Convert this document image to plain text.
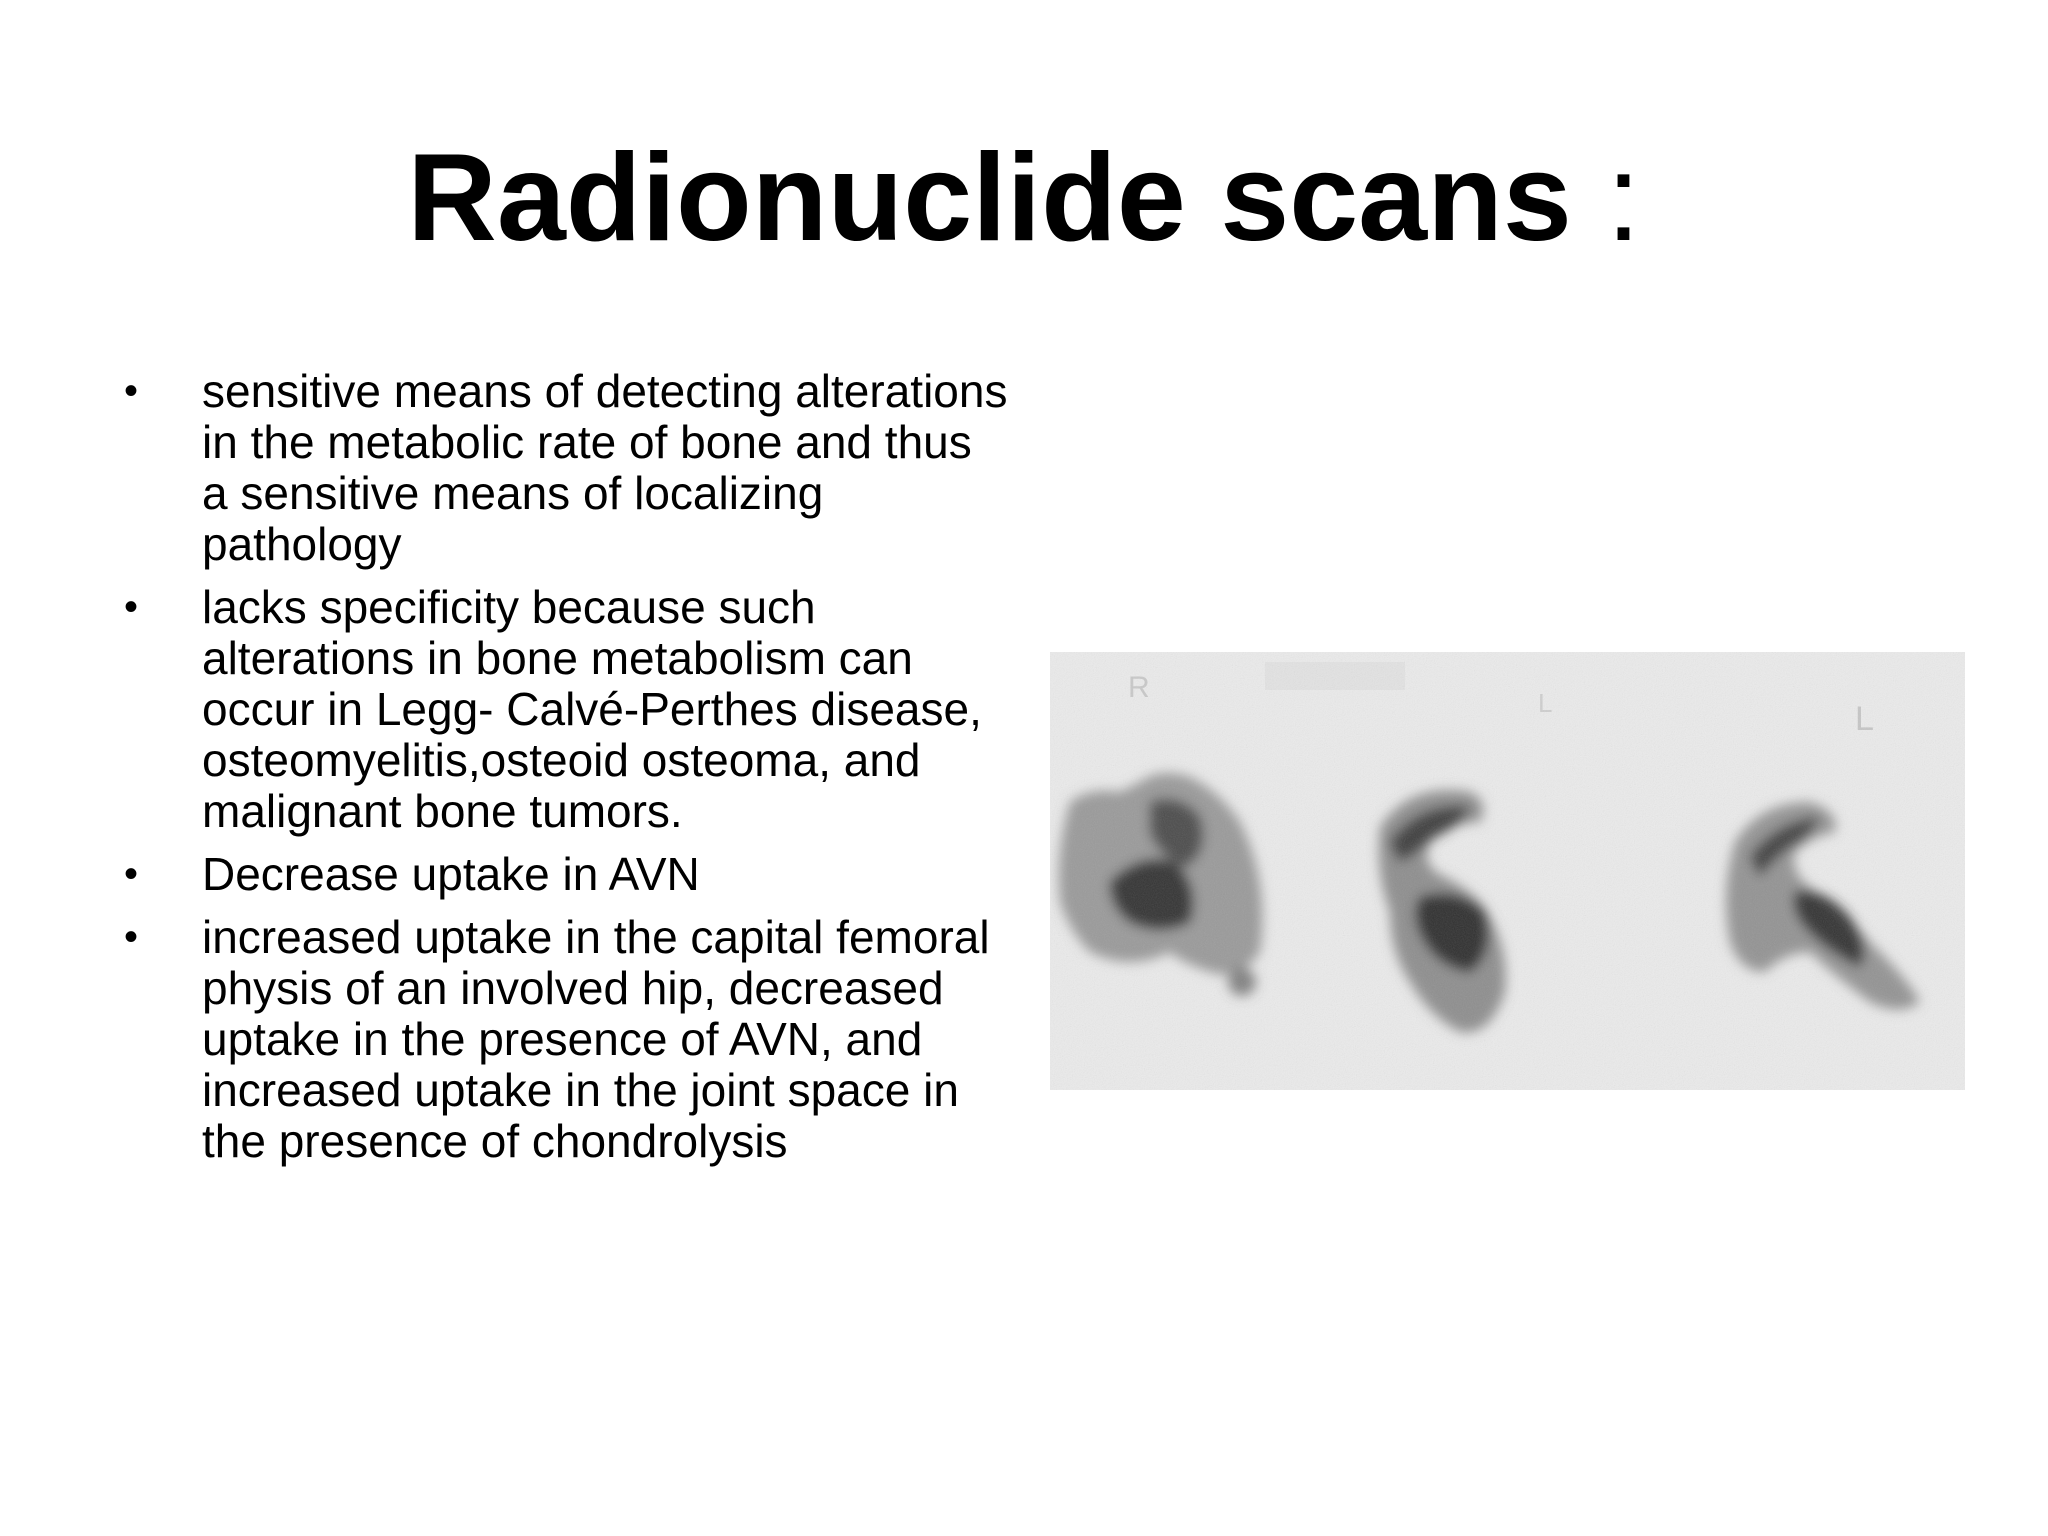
Radionuclide scans :
• sensitive means of detecting alterations in the metabolic rate of bone and thus a sensitive means of localizing pathology
• lacks specificity because such alterations in bone metabolism can occur in Legg- Calvé-Perthes disease, osteomyelitis,osteoid osteoma, and malignant bone tumors.
• Decrease uptake in AVN
• increased uptake in the capital femoral physis of an involved hip, decreased uptake in the presence of AVN, and increased uptake in the joint space in the presence of chondrolysis
